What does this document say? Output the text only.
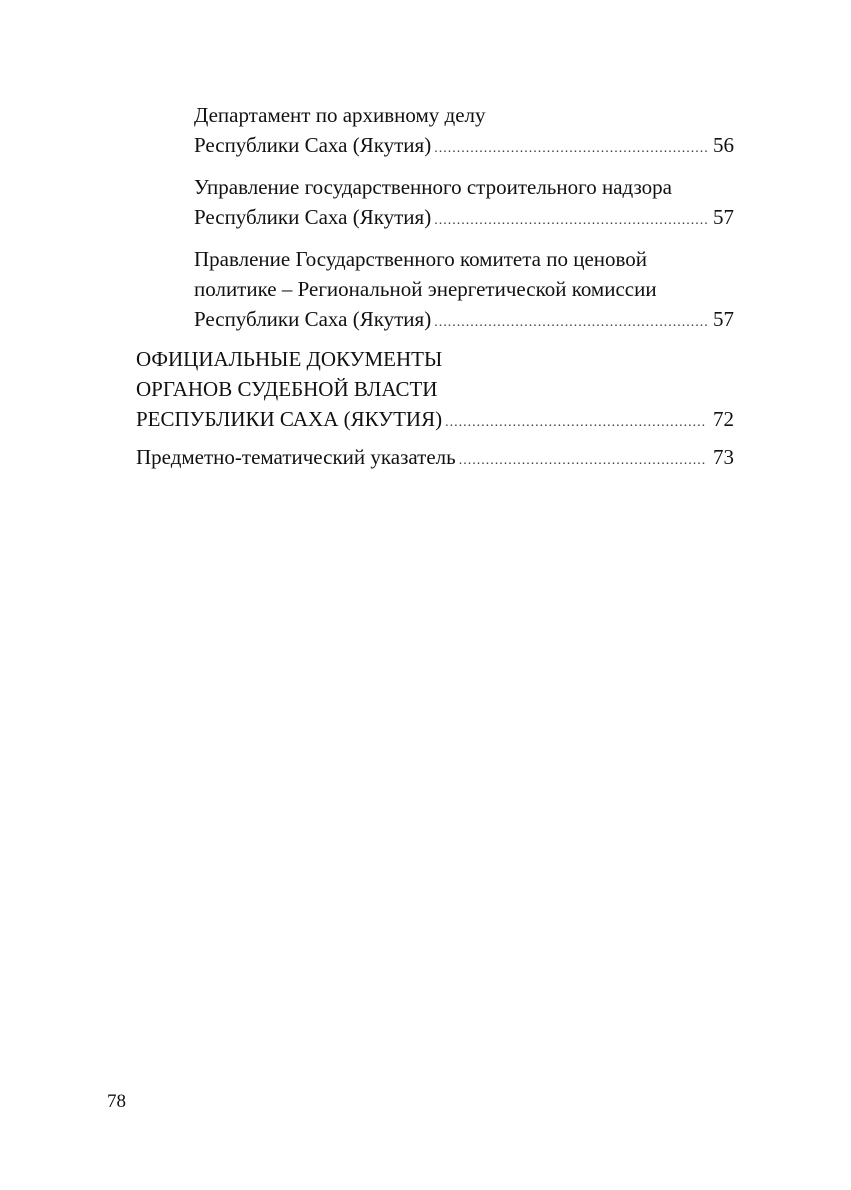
Департамент по архивному делу
Республики Саха (Якутия) .....	56
Управление государственного строительного надзора
Республики Саха (Якутия) .....	57
Правление Государственного комитета по ценовой
политике – Региональной энергетической комиссии
Республики Саха (Якутия) .....	57
ОФИЦИАЛЬНЫЕ ДОКУМЕНТЫ
ОРГАНОВ СУДЕБНОЙ ВЛАСТИ
РЕСПУБЛИКИ САХА (ЯКУТИЯ) .....	72
Предметно-тематический указатель .....	73
78
